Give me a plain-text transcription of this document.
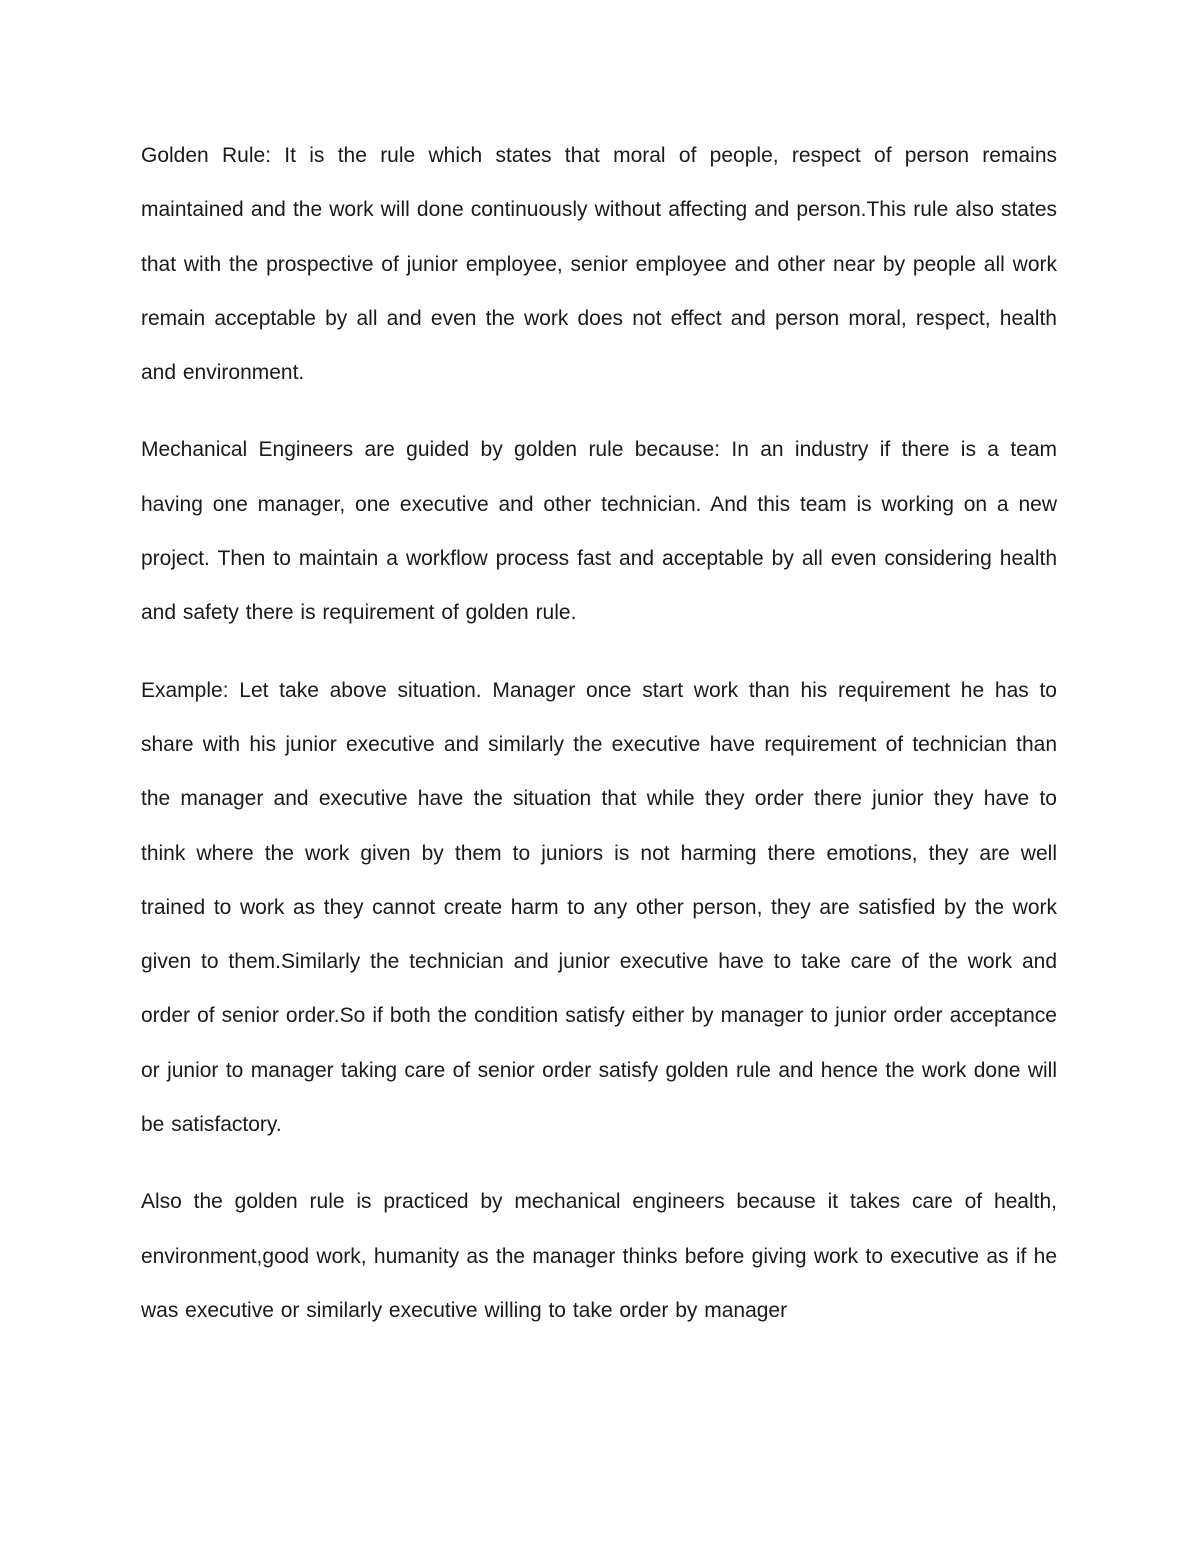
Golden Rule: It is the rule which states that moral of people, respect of person remains maintained and the work will done continuously without affecting and person.This rule also states that with the prospective of junior employee, senior employee and other near by people all work remain acceptable by all and even the work does not effect and person moral, respect, health and environment.

Mechanical Engineers are guided by golden rule because: In an industry if there is a team having one manager, one executive and other technician. And this team is working on a new project. Then to maintain a workflow process fast and acceptable by all even considering health and safety there is requirement of golden rule.

Example: Let take above situation. Manager once start work than his requirement he has to share with his junior executive and similarly the executive have requirement of technician than the manager and executive have the situation that while they order there junior they have to think where the work given by them to juniors is not harming there emotions, they are well trained to work as they cannot create harm to any other person, they are satisfied by the work given to them.Similarly the technician and junior executive have to take care of the work and order of senior order.So if both the condition satisfy either by manager to junior order acceptance or junior to manager taking care of senior order satisfy golden rule and hence the work done will be satisfactory.

Also the golden rule is practiced by mechanical engineers because it takes care of health, environment,good work, humanity as the manager thinks before giving work to executive as if he was executive or similarly executive willing to take order by manager
